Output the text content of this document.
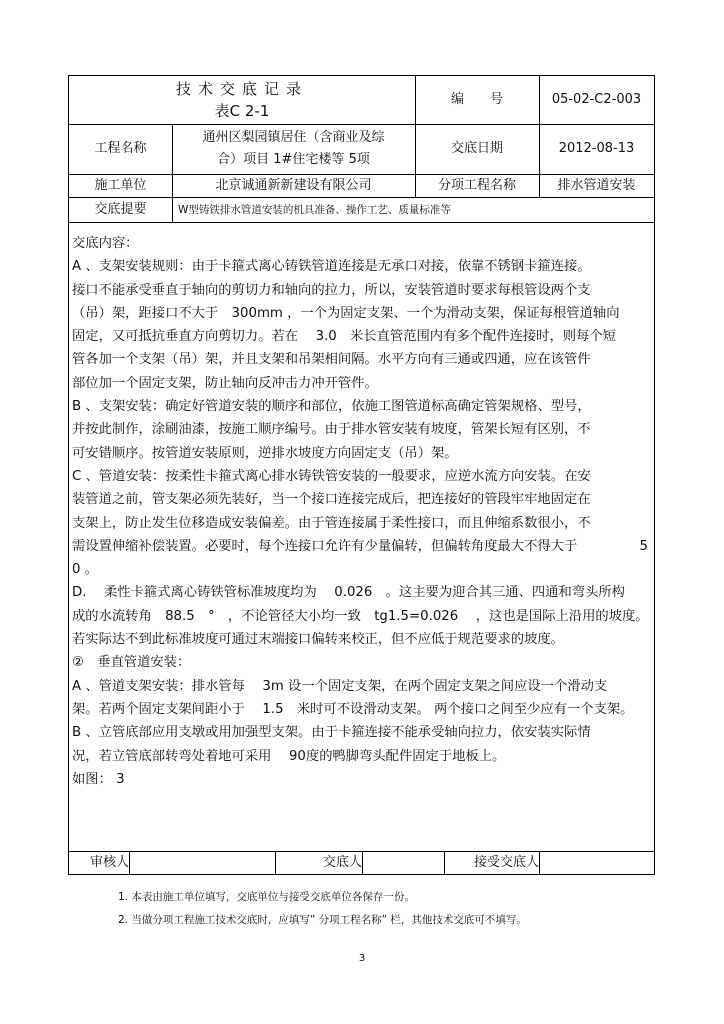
技术交底记录
表C 2-1
编　　号	05-02-C2-003
工程名称
通州区梨园镇居住（含商业及综
合）项目 1#住宅楼等 5项
交底日期	2012-08-13
施工单位	北京诚通新新建设有限公司	分项工程名称	排水管道安装
交底提要	W型铸铁排水管道安装的机具准备、操作工艺、质量标准等
审核人	交底人	接受交底人
交底内容：
A 、支架安装规则：由于卡箍式离心铸铁管道连接是无承口对接，依靠不锈钢卡箍连接。
接口不能承受垂直于轴向的剪切力和轴向的拉力，所以，安装管道时要求每根管设两个支
（吊）架，距接口不大于　300mm ，一个为固定支架、一个为滑动支架，保证每根管道轴向
固定，又可抵抗垂直方向剪切力。若在　 3.0　米长直管范围内有多个配件连接时，则每个短
管各加一个支架（吊）架，并且支架和吊架相间隔。水平方向有三通或四通，应在该管件
部位加一个固定支架，防止轴向反冲击力冲开管件。
B 、支架安装：确定好管道安装的顺序和部位，依施工图管道标高确定管架规格、型号，
并按此制作，涂刷油漆，按施工顺序编号。由于排水管安装有坡度，管架长短有区别，不
可安错顺序。按管道安装原则，逆排水坡度方向固定支（吊）架。
C 、管道安装：按柔性卡箍式离心排水铸铁管安装的一般要求，应逆水流方向安装。在安
装管道之前，管支架必须先装好，当一个接口连接完成后，把连接好的管段牢牢地固定在
支架上，防止发生位移造成安装偏差。由于管连接属于柔性接口，而且伸缩系数很小，不
需设置伸缩补偿装置。必要时，每个连接口允许有少量偏转，但偏转角度最大不得大于	5
0 。
D.　 柔性卡箍式离心铸铁管标准坡度均为　 0.026　。这主要为迎合其三通、四通和弯头所构
成的水流转角　88.5　°　，不论管径大小均一致　tg1.5=0.026　 ，这也是国际上沿用的坡度。
若实际达不到此标准坡度可通过末端接口偏转来校正，但不应低于规范要求的坡度。
②　垂直管道安装：
A 、管道支架安装：排水管每　 3m 设一个固定支架，在两个固定支架之间应设一个滑动支
架。若两个固定支架间距小于　 1.5　米时可不设滑动支架。 两个接口之间至少应有一个支架。
B 、立管底部应用支墩或用加强型支架。由于卡箍连接不能承受轴向拉力，依安装实际情
况，若立管底部转弯处着地可采用　 90度的鸭脚弯头配件固定于地板上。
如图： 3
1. 本表由施工单位填写，交底单位与接受交底单位各保存一份。
2. 当做分项工程施工技术交底时，应填写” 分项工程名称” 栏，其他技术交底可不填写。
3
